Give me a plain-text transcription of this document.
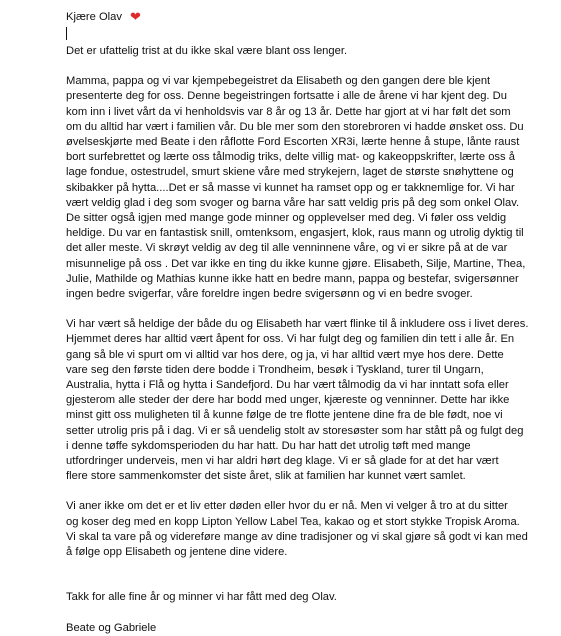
Kjære Olav ❤

Det er ufattelig trist at du ikke skal være blant oss lenger.

Mamma, pappa og vi var kjempebegeistret da Elisabeth og den gangen dere ble kjent
presenterte deg for oss. Denne begeistringen fortsatte i alle de årene vi har kjent deg. Du
kom inn i livet vårt da vi henholdsvis var 8 år og 13 år. Dette har gjort at vi har følt det som
om du alltid har vært i familien vår. Du ble mer som den storebroren vi hadde ønsket oss. Du
øvelseskjørte med Beate i den råflotte Ford Escorten XR3i, lærte henne å stupe, lånte raust
bort surfebrettet og lærte oss tålmodig triks, delte villig mat- og kakeoppskrifter, lærte oss å
lage fondue, ostestrudel, smurt skiene våre med strykejern, laget de største snøhyttene og
skibakker på hytta....Det er så masse vi kunnet ha ramset opp og er takknemlige for. Vi har
vært veldig glad i deg som svoger og barna våre har satt veldig pris på deg som onkel Olav.
De sitter også igjen med mange gode minner og opplevelser med deg. Vi føler oss veldig
heldige. Du var en fantastisk snill, omtenksom, engasjert, klok, raus mann og utrolig dyktig til
det aller meste. Vi skrøyt veldig av deg til alle venninnene våre, og vi er sikre på at de var
misunnelige på oss . Det var ikke en ting du ikke kunne gjøre. Elisabeth, Silje, Martine, Thea,
Julie, Mathilde og Mathias kunne ikke hatt en bedre mann, pappa og bestefar, svigersønner
ingen bedre svigerfar, våre foreldre ingen bedre svigersønn og vi en bedre svoger.

Vi har vært så heldige der både du og Elisabeth har vært flinke til å inkludere oss i livet deres.
Hjemmet deres har alltid vært åpent for oss. Vi har fulgt deg og familien din tett i alle år. En
gang så ble vi spurt om vi alltid var hos dere, og ja, vi har alltid vært mye hos dere. Dette
vare seg den første tiden dere bodde i Trondheim, besøk i Tyskland, turer til Ungarn,
Australia, hytta i Flå og hytta i Sandefjord. Du har vært tålmodig da vi har inntatt sofa eller
gjesterom alle steder der dere har bodd med unger, kjæreste og venninner. Dette har ikke
minst gitt oss muligheten til å kunne følge de tre flotte jentene dine fra de ble født, noe vi
setter utrolig pris på i dag. Vi er så uendelig stolt av storesøster som har stått på og fulgt deg
i denne tøffe sykdomsperioden du har hatt. Du har hatt det utrolig tøft med mange
utfordringer underveis, men vi har aldri hørt deg klage. Vi er så glade for at det har vært
flere store sammenkomster det siste året, slik at familien har kunnet vært samlet.

Vi aner ikke om det er et liv etter døden eller hvor du er nå. Men vi velger å tro at du sitter
og koser deg med en kopp Lipton Yellow Label Tea, kakao og et stort stykke Tropisk Aroma.
Vi skal ta vare på og videreføre mange av dine tradisjoner og vi skal gjøre så godt vi kan med
å følge opp Elisabeth og jentene dine videre.

Takk for alle fine år og minner vi har fått med deg Olav.

Beate og Gabriele
